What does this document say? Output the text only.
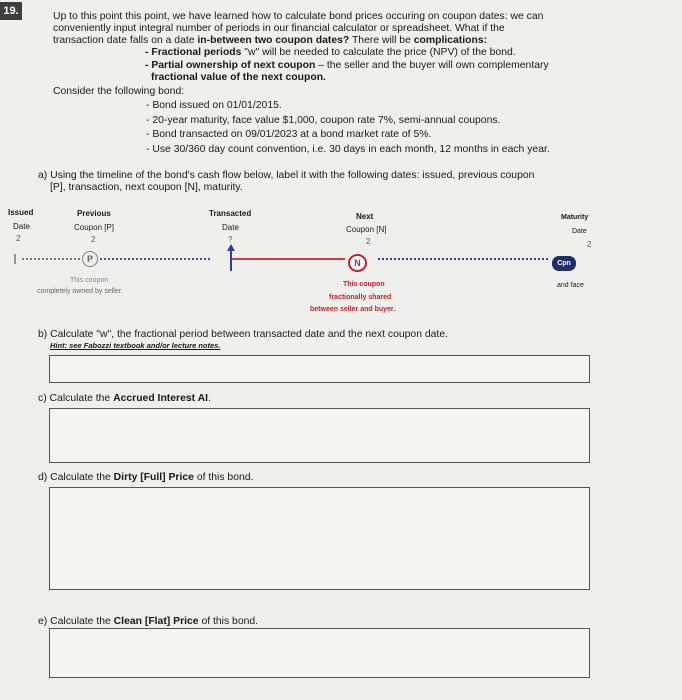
19.	Up to this point this point, we have learned how to calculate bond prices occuring on coupon dates: we can
conveniently input integral number of periods in our financial calculator or spreadsheet. What if the
transaction date falls on a date in-between two coupon dates? There will be complications:
- Fractional periods "w" will be needed to calculate the price (NPV) of the bond.
- Partial ownership of next coupon – the seller and the buyer will own complementary
fractional value of the next coupon.
Consider the following bond:
- Bond issued on 01/01/2015.
- 20-year maturity, face value $1,000, coupon rate 7%, semi-annual coupons.
- Bond transacted on 09/01/2023 at a bond market rate of 5%.
- Use 30/360 day count convention, i.e. 30 days in each month, 12 months in each year.
a) Using the timeline of the bond's cash flow below, label it with the following dates: issued, previous coupon
[P], transaction, next coupon [N], maturity.
Issued
Date
2
Previous
Coupon [P]
2
Transacted
Date
?
Next
Coupon [N]
2
Maturity
Date
2
P	N	Cpn
This coupon
completely owned by seller.
This coupon
fractionally shared
between seller and buyer.
and face
b) Calculate "w", the fractional period between transacted date and the next coupon date.
Hint: see Fabozzi textbook and/or lecture notes.
c) Calculate the Accrued Interest AI.
d) Calculate the Dirty [Full] Price of this bond.
e) Calculate the Clean [Flat] Price of this bond.
